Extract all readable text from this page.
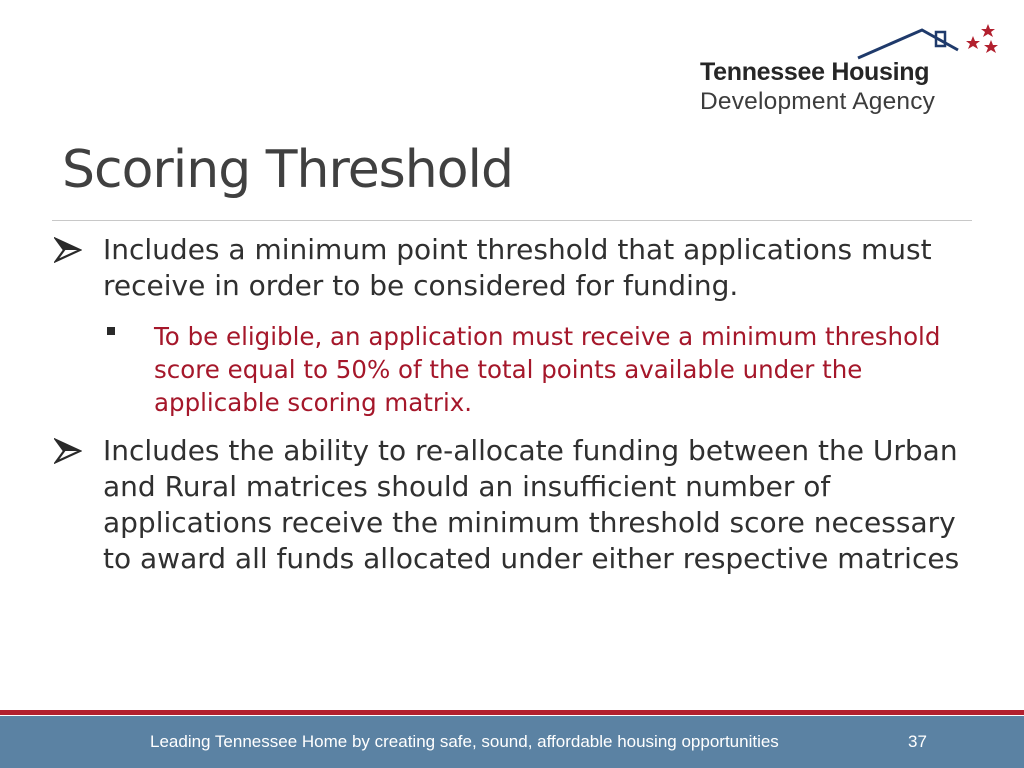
Tennessee Housing
Development Agency
Scoring Threshold
Includes a minimum point threshold that applications must receive in order to be considered for funding.
To be eligible, an application must receive a minimum threshold score equal to 50% of the total points available under the applicable scoring matrix.
Includes the ability to re-allocate funding between the Urban and Rural matrices should an insufficient number of applications receive the minimum threshold score necessary to award all funds allocated under either respective matrices
Leading Tennessee Home by creating safe, sound, affordable housing opportunities	37
